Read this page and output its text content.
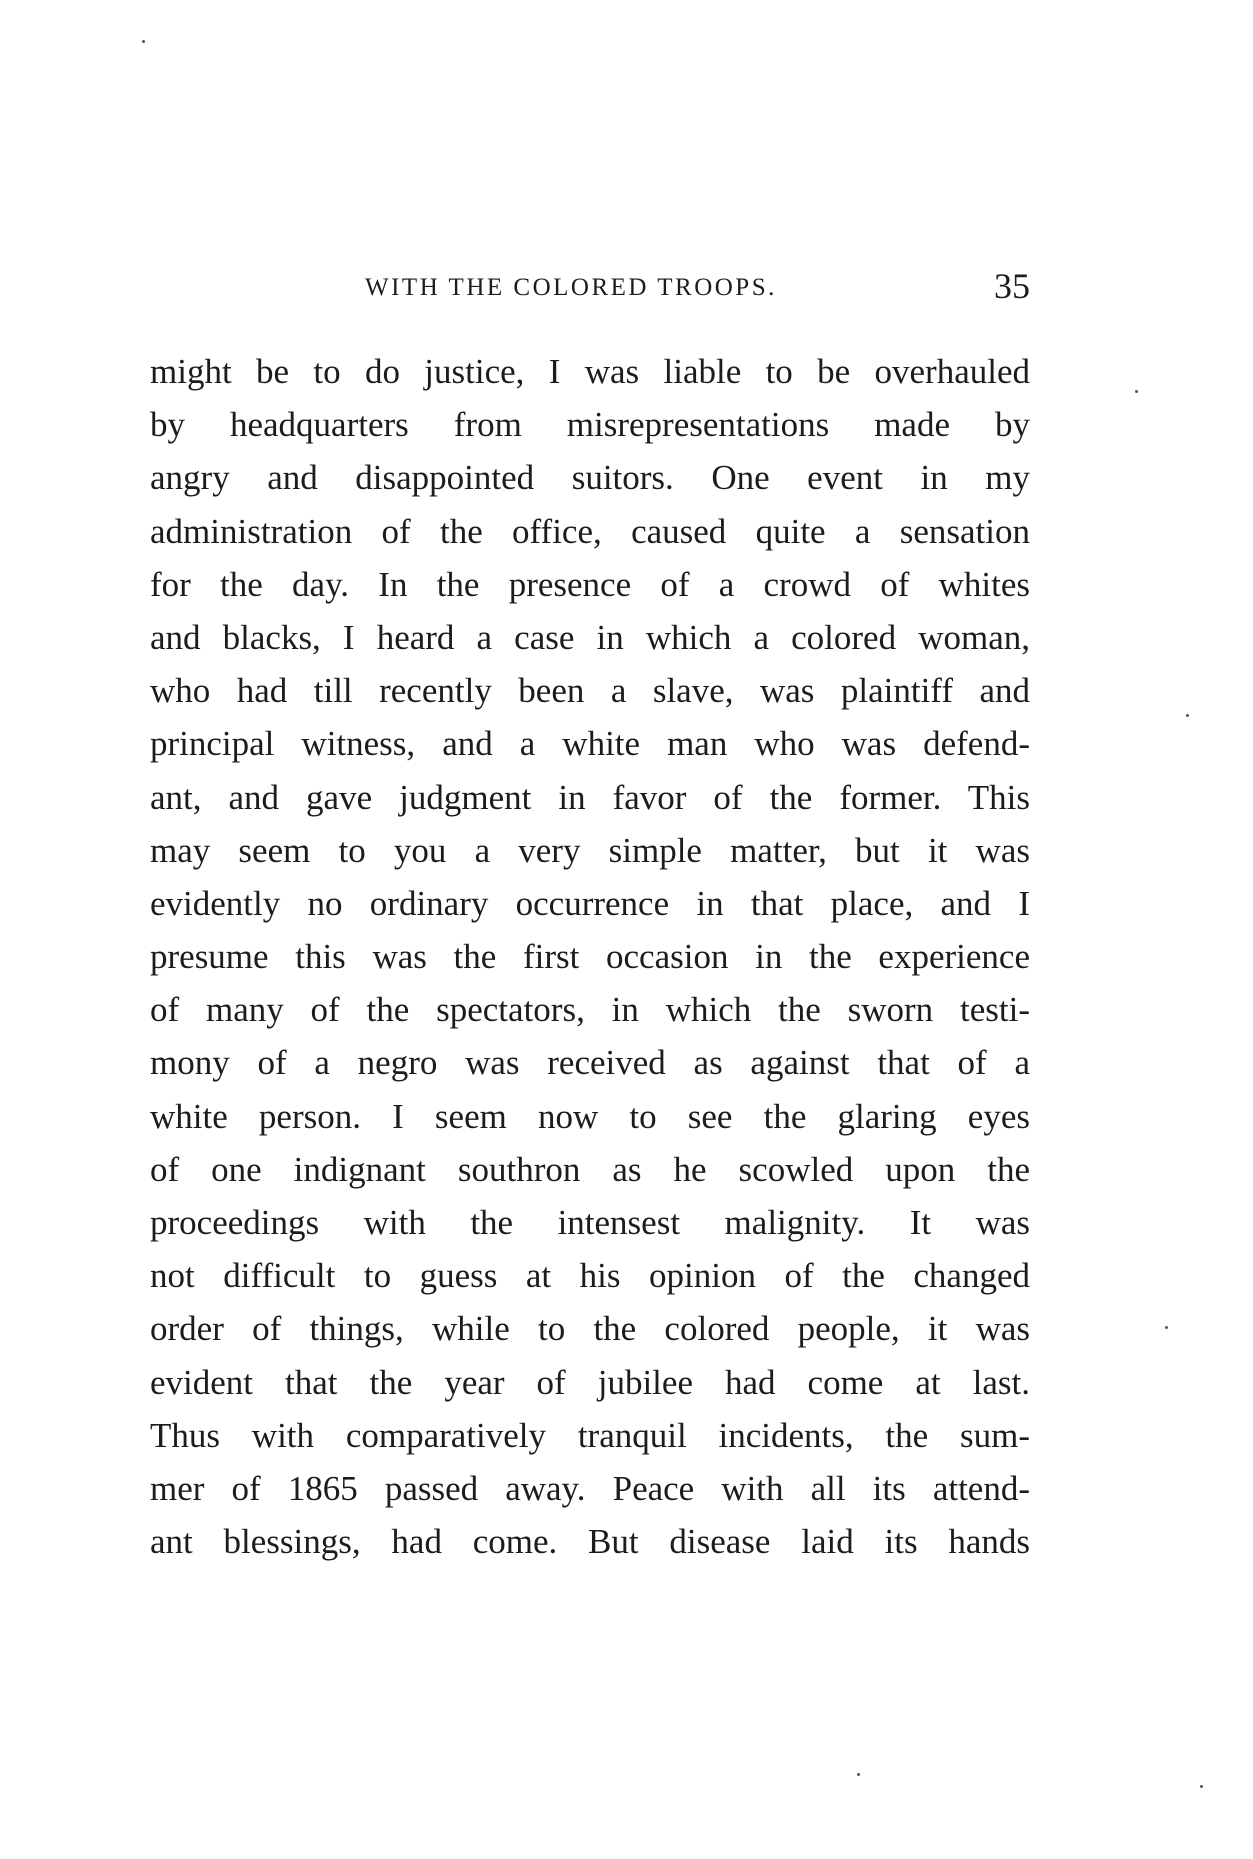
WITH THE COLORED TROOPS.	35
might be to do justice, I was liable to be overhauled
by headquarters from misrepresentations made by
angry and disappointed suitors. One event in my
administration of the office, caused quite a sensation
for the day. In the presence of a crowd of whites
and blacks, I heard a case in which a colored woman,
who had till recently been a slave, was plaintiff and
principal witness, and a white man who was defend-
ant, and gave judgment in favor of the former. This
may seem to you a very simple matter, but it was
evidently no ordinary occurrence in that place, and I
presume this was the first occasion in the experience
of many of the spectators, in which the sworn testi-
mony of a negro was received as against that of a
white person. I seem now to see the glaring eyes
of one indignant southron as he scowled upon the
proceedings with the intensest malignity. It was
not difficult to guess at his opinion of the changed
order of things, while to the colored people, it was
evident that the year of jubilee had come at last.
Thus with comparatively tranquil incidents, the sum-
mer of 1865 passed away. Peace with all its attend-
ant blessings, had come. But disease laid its hands
